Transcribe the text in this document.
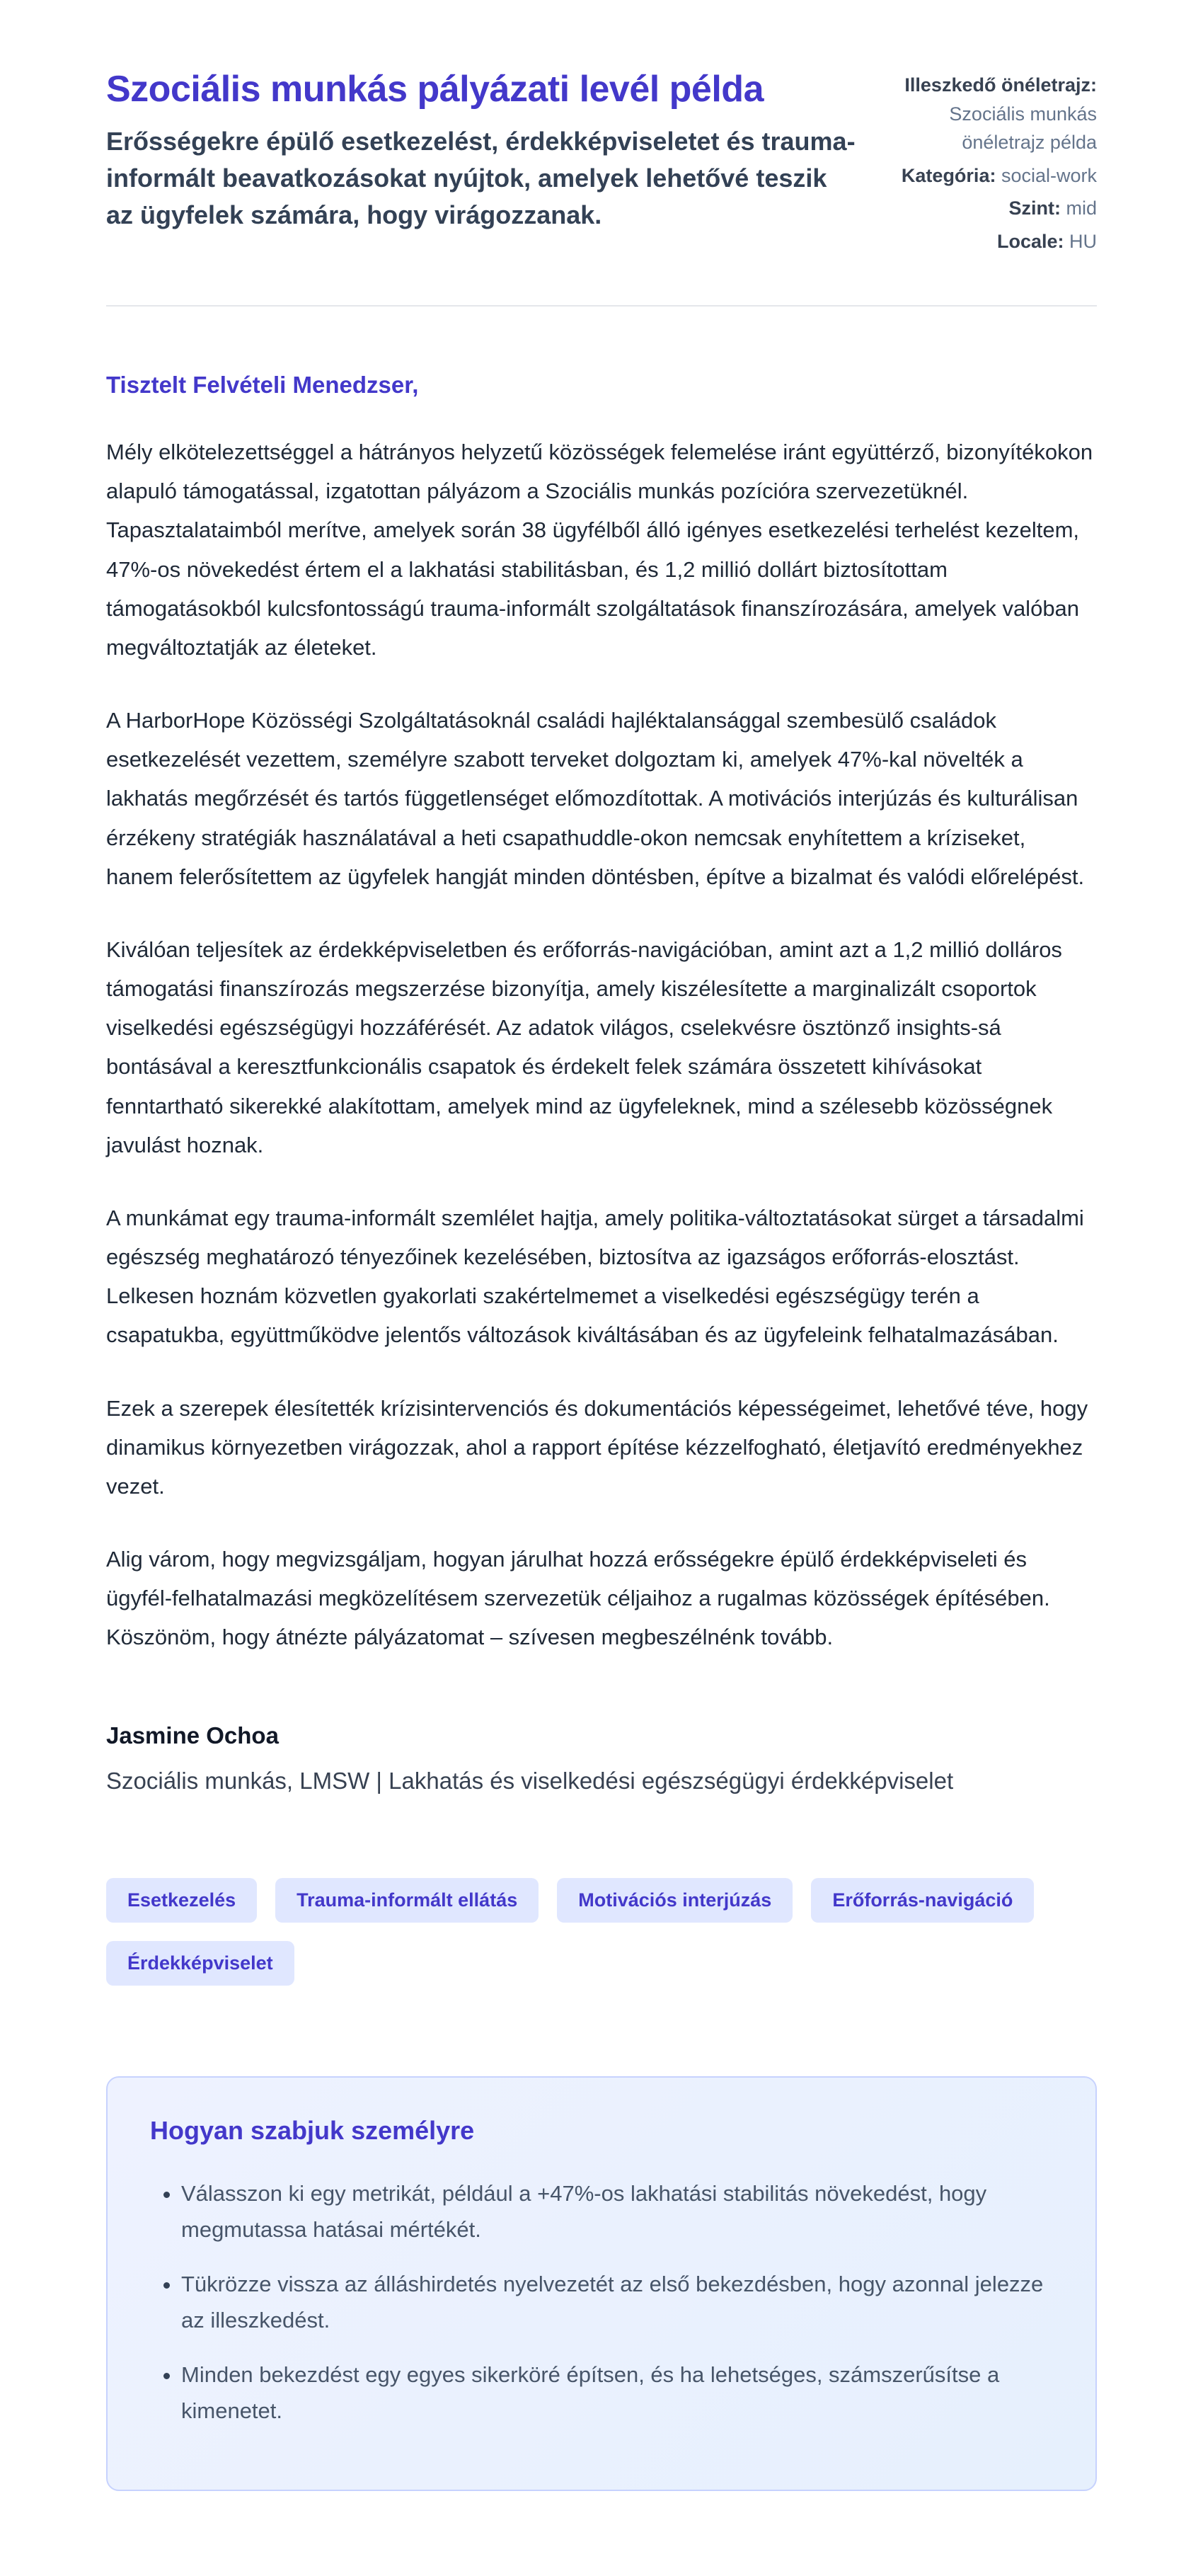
Szociális munkás pályázati levél példa

Erősségekre épülő esetkezelést, érdekképviseletet és trauma-informált beavatkozásokat nyújtok, amelyek lehetővé teszik az ügyfelek számára, hogy virágozzanak.

Illeszkedő önéletrajz: Szociális munkás önéletrajz példa
Kategória: social-work
Szint: mid
Locale: HU

Tisztelt Felvételi Menedzser,

Mély elkötelezettséggel a hátrányos helyzetű közösségek felemelése iránt együttérző, bizonyítékokon alapuló támogatással, izgatottan pályázom a Szociális munkás pozícióra szervezetüknél. Tapasztalataimból merítve, amelyek során 38 ügyfélből álló igényes esetkezelési terhelést kezeltem, 47%-os növekedést értem el a lakhatási stabilitásban, és 1,2 millió dollárt biztosítottam támogatásokból kulcsfontosságú trauma-informált szolgáltatások finanszírozására, amelyek valóban megváltoztatják az életeket.

A HarborHope Közösségi Szolgáltatásoknál családi hajléktalansággal szembesülő családok esetkezelését vezettem, személyre szabott terveket dolgoztam ki, amelyek 47%-kal növelték a lakhatás megőrzését és tartós függetlenséget előmozdítottak. A motivációs interjúzás és kulturálisan érzékeny stratégiák használatával a heti csapathuddle-okon nemcsak enyhítettem a kríziseket, hanem felerősítettem az ügyfelek hangját minden döntésben, építve a bizalmat és valódi előrelépést.

Kiválóan teljesítek az érdekképviseletben és erőforrás-navigációban, amint azt a 1,2 millió dolláros támogatási finanszírozás megszerzése bizonyítja, amely kiszélesítette a marginalizált csoportok viselkedési egészségügyi hozzáférését. Az adatok világos, cselekvésre ösztönző insights-sá bontásával a keresztfunkcionális csapatok és érdekelt felek számára összetett kihívásokat fenntartható sikerekké alakítottam, amelyek mind az ügyfeleknek, mind a szélesebb közösségnek javulást hoznak.

A munkámat egy trauma-informált szemlélet hajtja, amely politika-változtatásokat sürget a társadalmi egészség meghatározó tényezőinek kezelésében, biztosítva az igazságos erőforrás-elosztást. Lelkesen hoznám közvetlen gyakorlati szakértelmemet a viselkedési egészségügy terén a csapatukba, együttműködve jelentős változások kiváltásában és az ügyfeleink felhatalmazásában.

Ezek a szerepek élesítették krízisintervenciós és dokumentációs képességeimet, lehetővé téve, hogy dinamikus környezetben virágozzak, ahol a rapport építése kézzelfogható, életjavító eredményekhez vezet.

Alig várom, hogy megvizsgáljam, hogyan járulhat hozzá erősségekre épülő érdekképviseleti és ügyfél-felhatalmazási megközelítésem szervezetük céljaihoz a rugalmas közösségek építésében. Köszönöm, hogy átnézte pályázatomat – szívesen megbeszélnénk tovább.

Jasmine Ochoa

Szociális munkás, LMSW | Lakhatás és viselkedési egészségügyi érdekképviselet

Esetkezelés	Trauma-informált ellátás	Motivációs interjúzás	Erőforrás-navigáció
Érdekképviselet
Hogyan szabjuk személyre
• Válasszon ki egy metrikát, például a +47%-os lakhatási stabilitás növekedést, hogy megmutassa hatásai mértékét.
• Tükrözze vissza az álláshirdetés nyelvezetét az első bekezdésben, hogy azonnal jelezze az illeszkedést.
• Minden bekezdést egy egyes sikerköré építsen, és ha lehetséges, számszerűsítse a kimenetet.
